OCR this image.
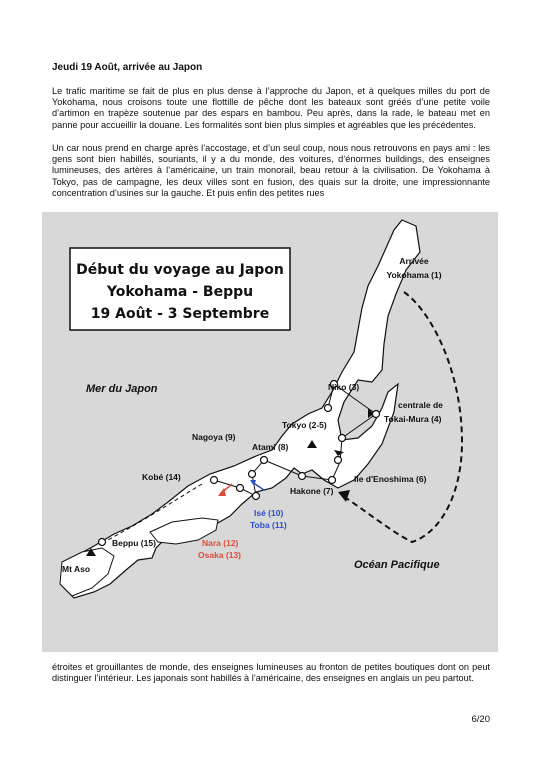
Jeudi 19 Août, arrivée au Japon

Le trafic maritime se fait de plus en plus dense à l’approche du Japon, et à quelques milles du port de Yokohama, nous croisons toute une flottille de pêche dont les bateaux sont gréés d’une petite voile d’artimon en trapèze soutenue par des espars en bambou. Peu après, dans la rade, le bateau met en panne pour accueillir la douane. Les formalités sont bien plus simples et agréables que les précédentes.

Un car nous prend en charge après l’accostage, et d’un seul coup, nous nous retrouvons en pays ami : les gens sont bien habillés, souriants, il y a du monde, des voitures, d’énormes buildings, des enseignes lumineuses, des artères à l’américaine, un train monorail, beau retour à la civilisation. De Yokohama à Tokyo, pas de campagne, les deux villes sont en fusion, des quais sur la droite, une impressionnante concentration d’usines sur la gauche. Et puis enfin des petites rues

Début du voyage au Japon
Yokohama - Beppu
19 Août - 3 Septembre
Mer du Japon
Océan Pacifique
Arrivée
Yokohama (1)
Niko (3)
centrale de
Tokai-Mura (4)
Tokyo (2-5)
Ile d'Enoshima (6)
Hakone (7)
Atami (8)
Nagoya (9)
Kobé (14)
Isé (10)
Toba (11)
Nara (12)
Osaka (13)
Beppu (15)
Mt Aso

étroites et grouillantes de monde, des enseignes lumineuses au fronton de petites boutiques dont on peut distinguer l’intérieur. Les japonais sont habillés à l’américaine, des enseignes en anglais un peu partout.

6/20
